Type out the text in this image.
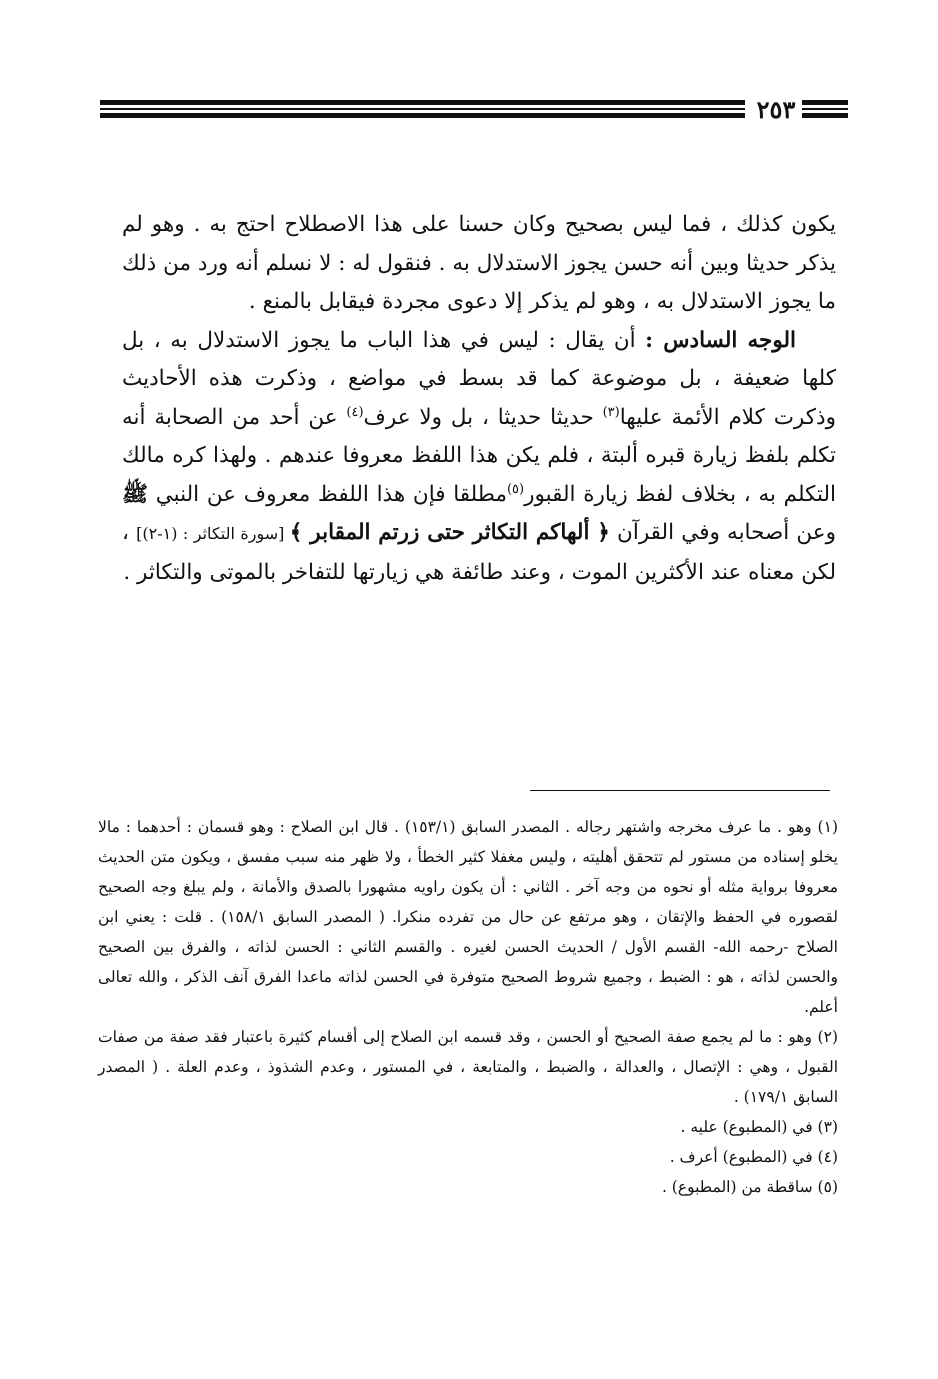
٢٥٣

يكون كذلك ، فما ليس بصحيح وكان حسنا على هذا الاصطلاح احتج به . وهو لم يذكر حديثا وبين أنه حسن يجوز الاستدلال به . فنقول له : لا نسلم أنه ورد من ذلك ما يجوز الاستدلال به ، وهو لم يذكر إلا دعوى مجردة فيقابل بالمنع .

الوجه السادس : أن يقال : ليس في هذا الباب ما يجوز الاستدلال به ، بل كلها ضعيفة ، بل موضوعة كما قد بسط في مواضع ، وذكرت هذه الأحاديث وذكرت كلام الأئمة عليها$^{(٣)}$ حديثا حديثا ، بل ولا عرف$^{(٤)}$ عن أحد من الصحابة أنه تكلم بلفظ زيارة قبره ألبتة ، فلم يكن هذا اللفظ معروفا عندهم . ولهذا كره مالك التكلم به ، بخلاف لفظ زيارة القبور$^{(٥)}$مطلقا فإن هذا اللفظ معروف عن النبي ﷺ وعن أصحابه وفي القرآن ﴿ ألهاكم التكاثر حتى زرتم المقابر ﴾ [سورة التكاثر : (١-٢)] ، لكن معناه عند الأكثرين الموت ، وعند طائفة هي زيارتها للتفاخر بالموتى والتكاثر .

(١) وهو . ما عرف مخرجه واشتهر رجاله . المصدر السابق (١٥٣/١) . قال ابن الصلاح : وهو قسمان : أحدهما : مالا يخلو إسناده من مستور لم تتحقق أهليته ، وليس مغفلا كثير الخطأ ، ولا ظهر منه سبب مفسق ، ويكون متن الحديث معروفا برواية مثله أو نحوه من وجه آخر . الثاني : أن يكون راويه مشهورا بالصدق والأمانة ، ولم يبلغ وجه الصحيح لقصوره في الحفظ والإتقان ، وهو مرتفع عن حال من تفرده منكرا. ( المصدر السابق ١٥٨/١) . قلت : يعني ابن الصلاح -رحمه الله- القسم الأول / الحديث الحسن لغيره . والقسم الثاني : الحسن لذاته ، والفرق بين الصحيح والحسن لذاته ، هو : الضبط ، وجميع شروط الصحيح متوفرة في الحسن لذاته ماعدا الفرق آنف الذكر ، والله تعالى أعلم.

(٢) وهو : ما لم يجمع صفة الصحيح أو الحسن ، وقد قسمه ابن الصلاح إلى أقسام كثيرة باعتبار فقد صفة من صفات القبول ، وهي : الإتصال ، والعدالة ، والضبط ، والمتابعة ، في المستور ، وعدم الشذوذ ، وعدم العلة . ( المصدر السابق ١٧٩/١) .

(٣) في (المطبوع) عليه .

(٤) في (المطبوع) أعرف .

(٥) ساقطة من (المطبوع) .
